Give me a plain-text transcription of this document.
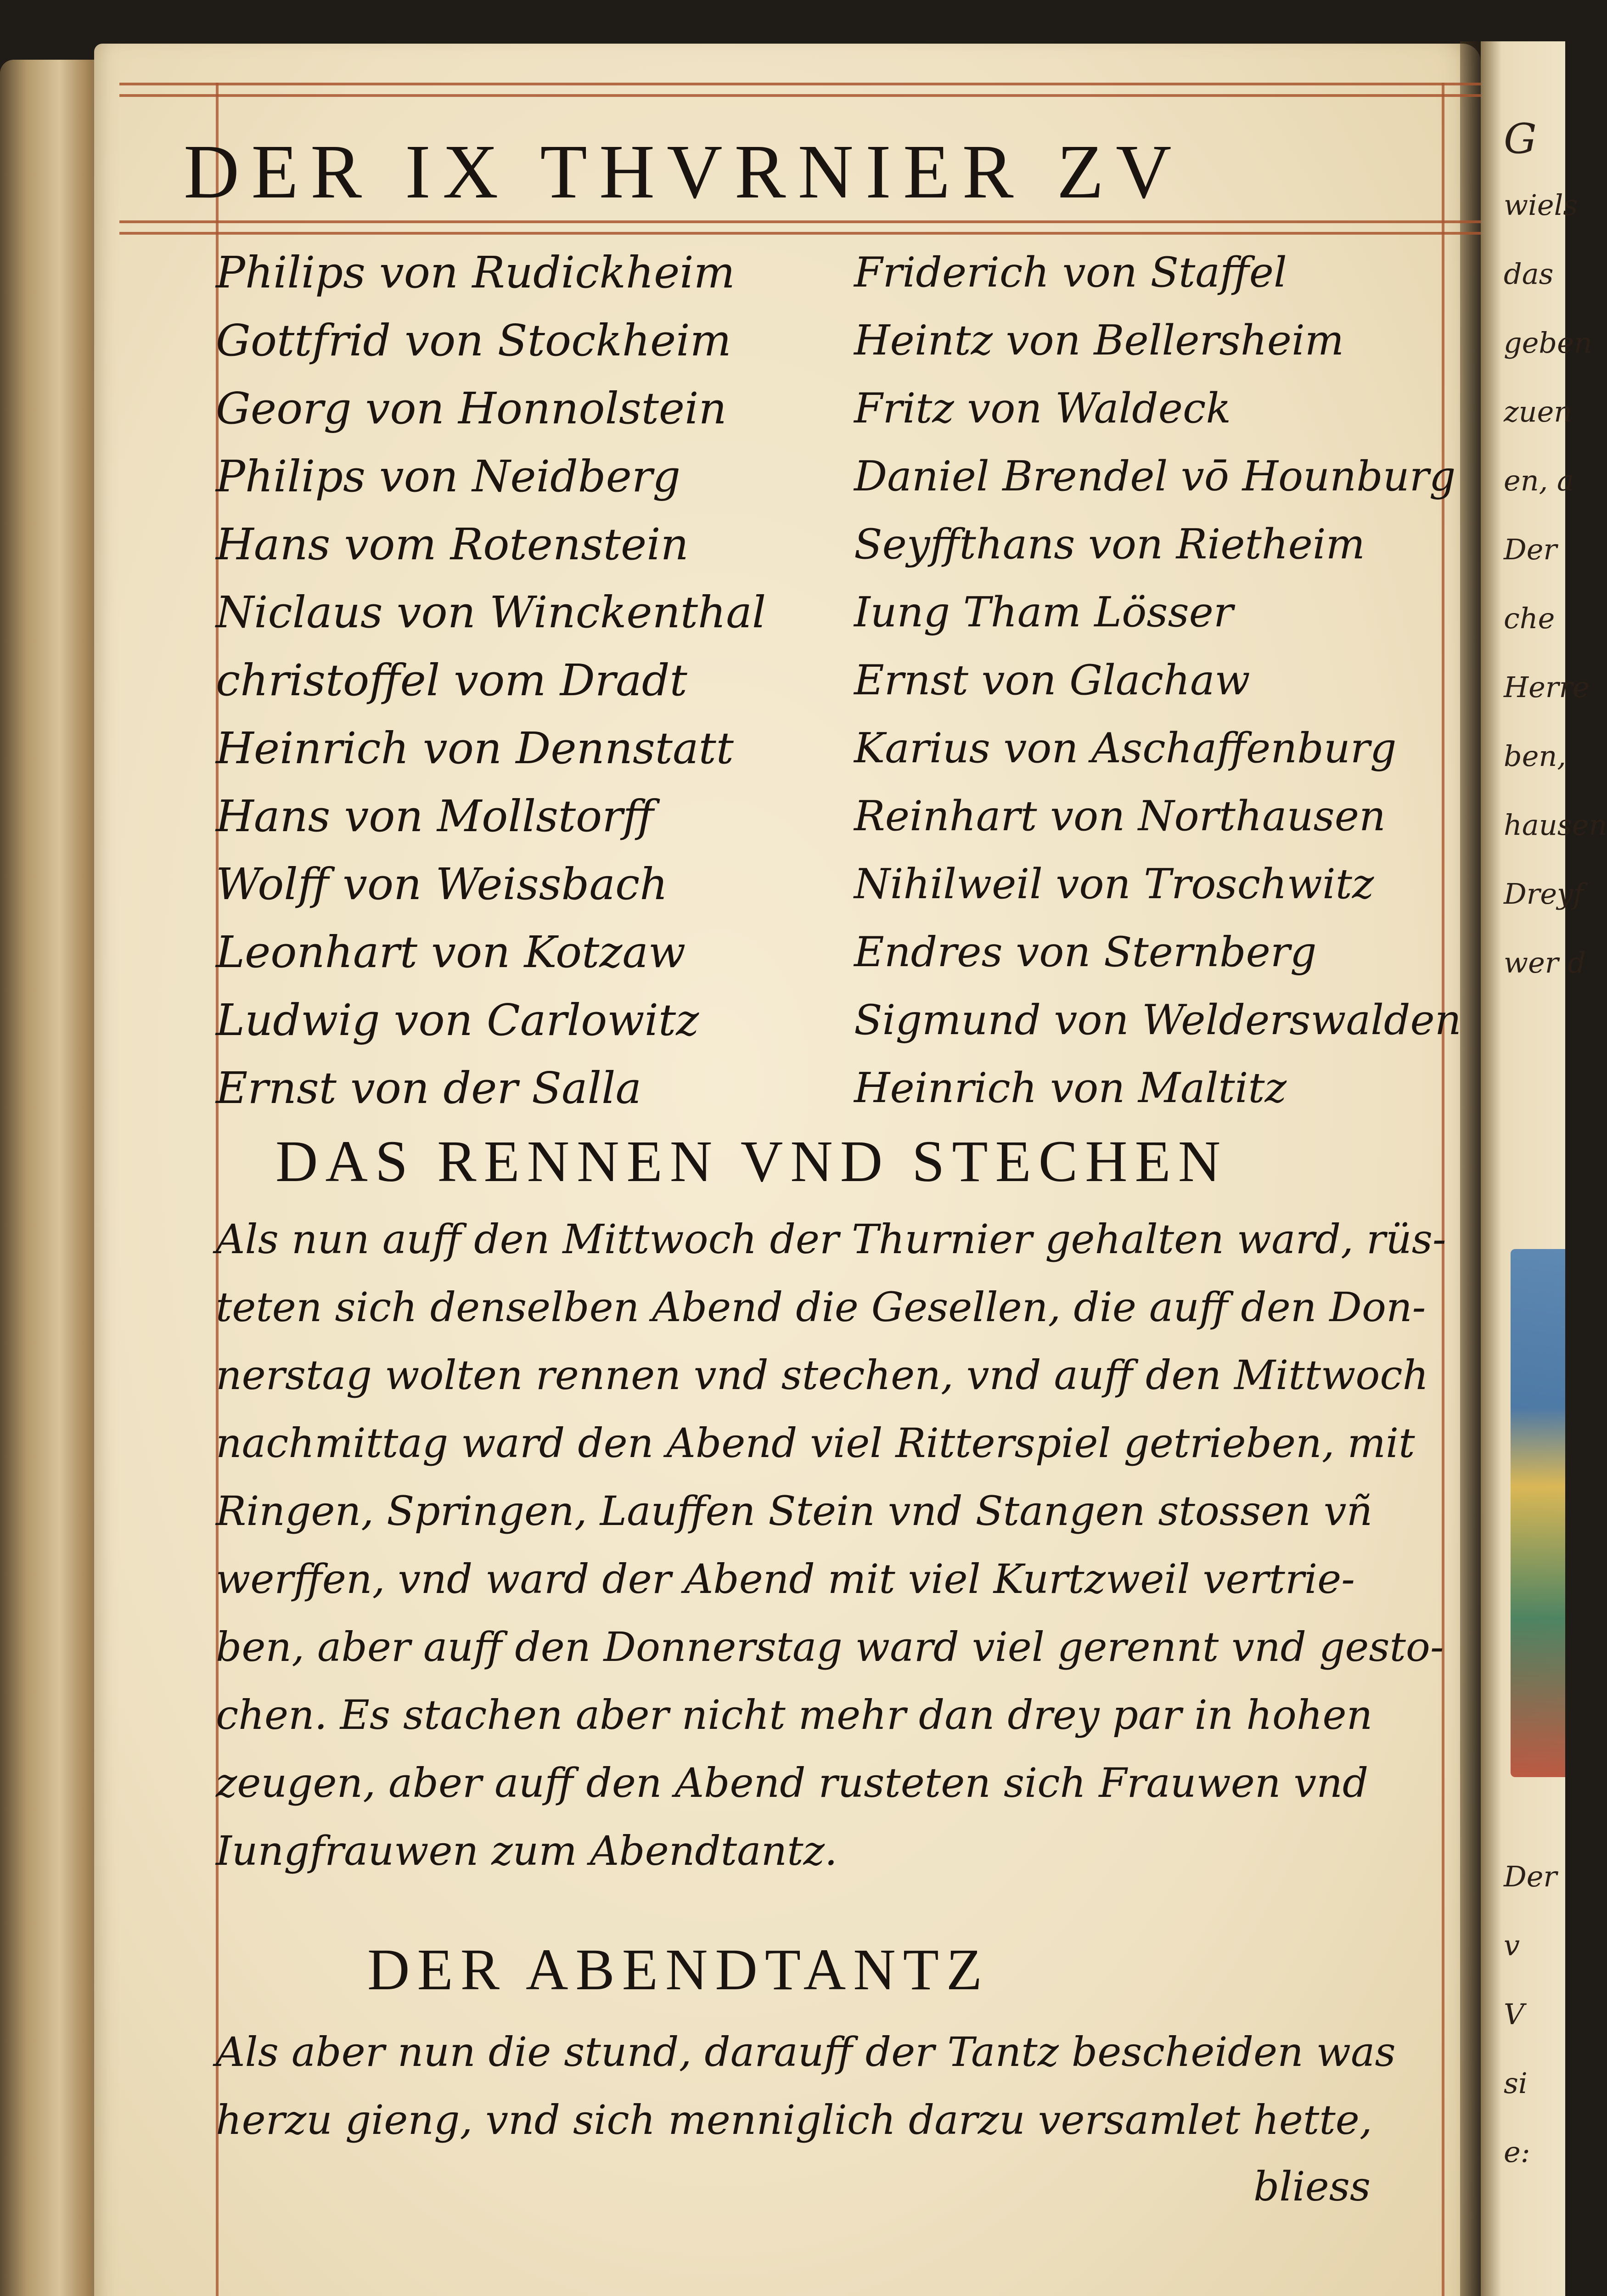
DER IX THVRNIER ZV
Philips von Rudickheim
Gottfrid von Stockheim
Georg von Honnolstein
Philips von Neidberg
Hans vom Rotenstein
Niclaus von Winckenthal
christoffel vom Dradt
Heinrich von Dennstatt
Hans von Mollstorff
Wolff von Weissbach
Leonhart von Kotzaw
Ludwig von Carlowitz
Ernst von der Salla
Friderich von Staffel
Heintz von Bellersheim
Fritz von Waldeck
Daniel Brendel vō Hounburg
Seyffthans von Rietheim
Iung Tham Lösser
Ernst von Glachaw
Karius von Aschaffenburg
Reinhart von Northausen
Nihilweil von Troschwitz
Endres von Sternberg
Sigmund von Welderswalden
Heinrich von Maltitz
DAS RENNEN VND STECHEN
Als nun auff den Mittwoch der Thurnier gehalten ward, rüs-
teten sich denselben Abend die Gesellen, die auff den Don-
nerstag wolten rennen vnd stechen, vnd auff den Mittwoch
nachmittag ward den Abend viel Ritterspiel getrieben, mit
Ringen, Springen, Lauffen Stein vnd Stangen stossen vñ
werffen, vnd ward der Abend mit viel Kurtzweil vertrie-
ben, aber auff den Donnerstag ward viel gerennt vnd gesto-
chen. Es stachen aber nicht mehr dan drey par in hohen
zeugen, aber auff den Abend rusteten sich Frauwen vnd
Iungfrauwen zum Abendtantz.
DER ABENDTANTZ
Als aber nun die stund, darauff der Tantz bescheiden was
herzu gieng, vnd sich menniglich darzu versamlet hette,
bliess
G
wiels
das
geben
zuen
en, a
Der
che
Herre
ben,
hausen
Dreyf
wer d
Der
v
V
si
e:
